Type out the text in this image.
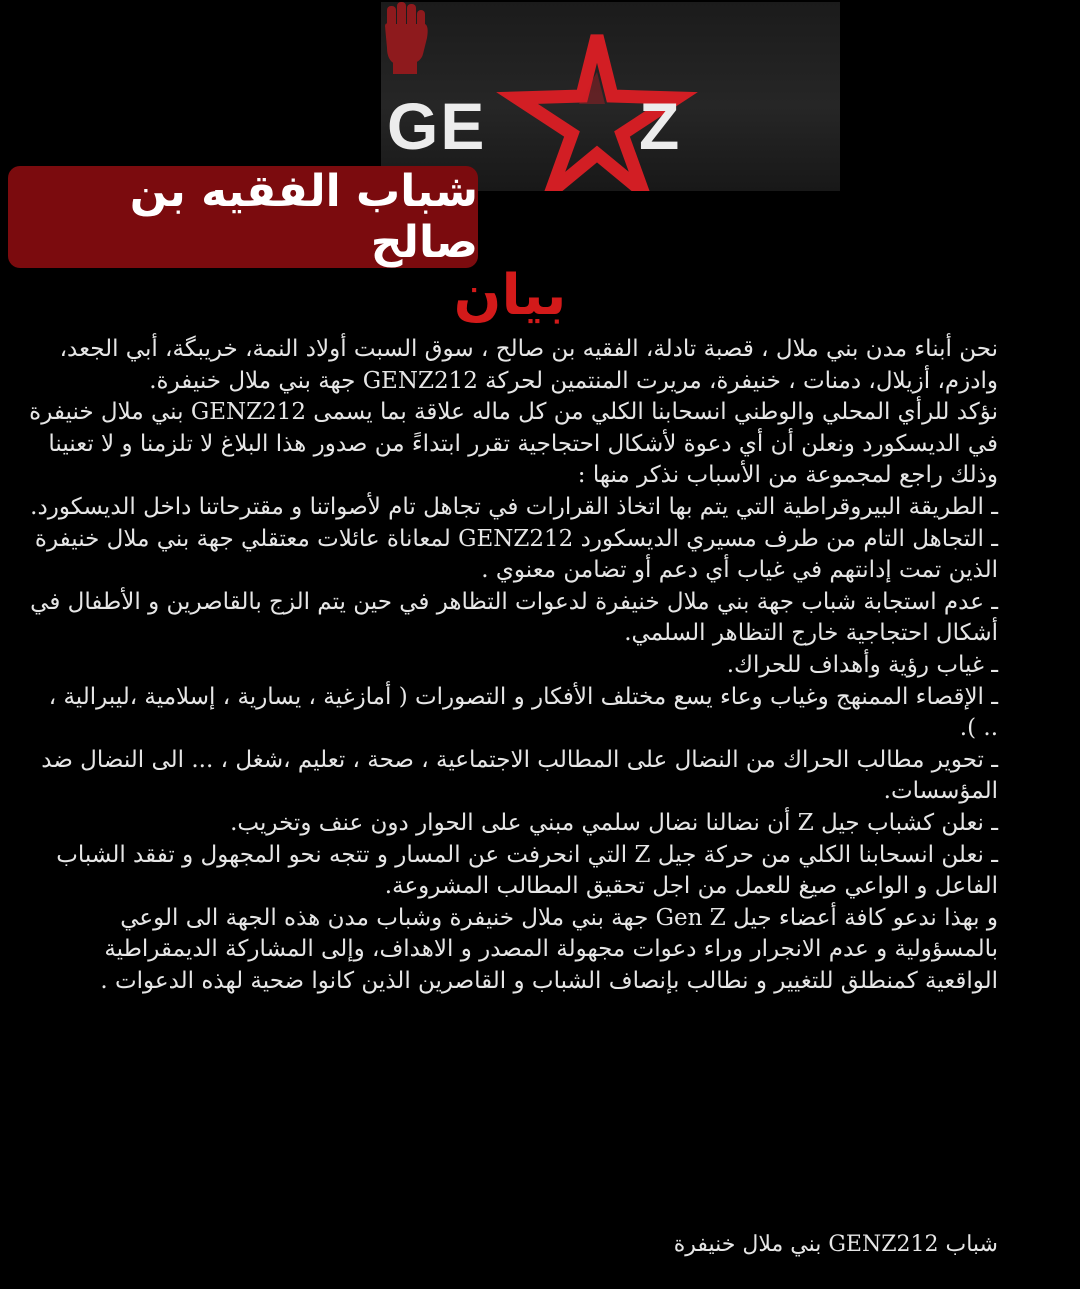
GE Z
شباب الفقيه بن صالح
بيان

نحن أبناء مدن بني ملال ، قصبة تادلة، الفقيه بن صالح ، سوق السبت أولاد النمة، خريبگة، أبي الجعد، وادزم، أزيلال، دمنات ، خنيفرة، مريرت المنتمين لحركة GENZ212 جهة بني ملال خنيفرة.

نؤكد للرأي المحلي والوطني انسحابنا الكلي من كل ماله علاقة بما يسمى GENZ212 بني ملال خنيفرة في الديسكورد ونعلن أن أي دعوة لأشكال احتجاجية تقرر ابتداءً من صدور هذا البلاغ لا تلزمنا و لا تعنينا وذلك راجع لمجموعة من الأسباب نذكر منها :

ـ الطريقة البيروقراطية التي يتم بها اتخاذ القرارات في تجاهل تام لأصواتنا و مقترحاتنا داخل الديسكورد.

ـ التجاهل التام من طرف مسيري الديسكورد GENZ212 لمعاناة عائلات معتقلي جهة بني ملال خنيفرة الذين تمت إدانتهم في غياب أي دعم أو تضامن معنوي .

ـ عدم استجابة شباب جهة بني ملال خنيفرة لدعوات التظاهر في حين يتم الزج بالقاصرين و الأطفال في أشكال احتجاجية خارج التظاهر السلمي.

ـ غياب رؤية وأهداف للحراك.

ـ الإقصاء الممنهج وغياب وعاء يسع مختلف الأفكار و التصورات ( أمازغية ، يسارية ، إسلامية ،ليبرالية ، .. ).

ـ تحوير مطالب الحراك من النضال على المطالب الاجتماعية ، صحة ، تعليم ،شغل ، ... الى النضال ضد المؤسسات.

ـ نعلن كشباب جيل Z أن نضالنا نضال سلمي مبني على الحوار دون عنف وتخريب.

ـ نعلن انسحابنا الكلي من حركة جيل Z التي انحرفت عن المسار و تتجه نحو المجهول و تفقد الشباب الفاعل و الواعي صيغ للعمل من اجل تحقيق المطالب المشروعة.

و بهذا ندعو كافة أعضاء جيل Gen Z جهة بني ملال خنيفرة وشباب مدن هذه الجهة الى الوعي بالمسؤولية و عدم الانجرار وراء دعوات مجهولة المصدر و الاهداف، وإلى المشاركة الديمقراطية الواقعية كمنطلق للتغيير و نطالب بإنصاف الشباب و القاصرين الذين كانوا ضحية لهذه الدعوات .

شباب GENZ212 بني ملال خنيفرة
